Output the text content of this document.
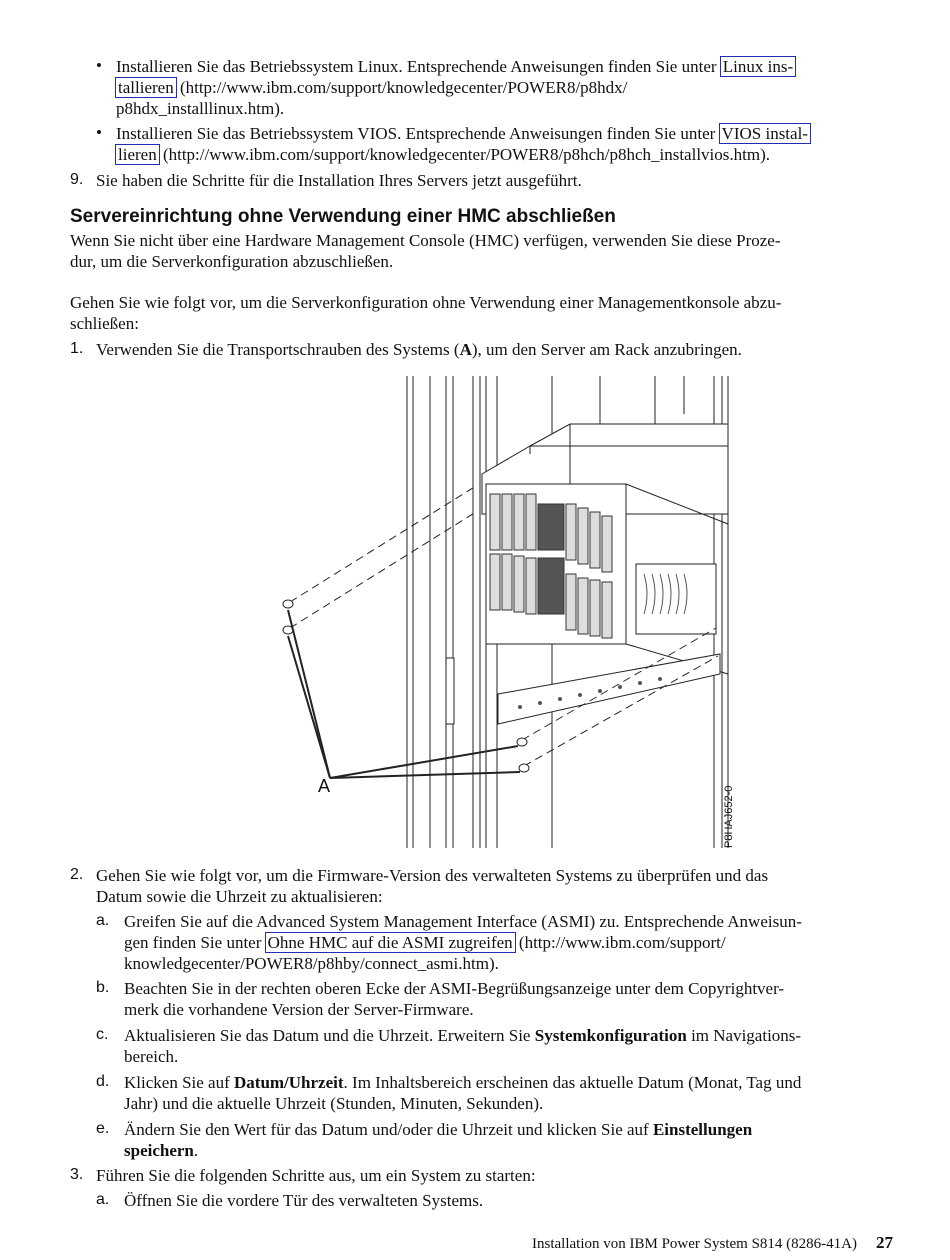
• Installieren Sie das Betriebssystem Linux. Entsprechende Anweisungen finden Sie unter Linux ins-
tallieren (http://www.ibm.com/support/knowledgecenter/POWER8/p8hdx/
p8hdx_installlinux.htm).
• Installieren Sie das Betriebssystem VIOS. Entsprechende Anweisungen finden Sie unter VIOS instal-
lieren (http://www.ibm.com/support/knowledgecenter/POWER8/p8hch/p8hch_installvios.htm).
9. Sie haben die Schritte für die Installation Ihres Servers jetzt ausgeführt.
Servereinrichtung ohne Verwendung einer HMC abschließen
Wenn Sie nicht über eine Hardware Management Console (HMC) verfügen, verwenden Sie diese Proze-
dur, um die Serverkonfiguration abzuschließen.
Gehen Sie wie folgt vor, um die Serverkonfiguration ohne Verwendung einer Managementkonsole abzu-
schließen:
1. Verwenden Sie die Transportschrauben des Systems (A), um den Server am Rack anzubringen.
A	P8HAJ652-0
2. Gehen Sie wie folgt vor, um die Firmware-Version des verwalteten Systems zu überprüfen und das
Datum sowie die Uhrzeit zu aktualisieren:
a. Greifen Sie auf die Advanced System Management Interface (ASMI) zu. Entsprechende Anweisun-
gen finden Sie unter Ohne HMC auf die ASMI zugreifen (http://www.ibm.com/support/
knowledgecenter/POWER8/p8hby/connect_asmi.htm).
b. Beachten Sie in der rechten oberen Ecke der ASMI-Begrüßungsanzeige unter dem Copyrightver-
merk die vorhandene Version der Server-Firmware.
c. Aktualisieren Sie das Datum und die Uhrzeit. Erweitern Sie Systemkonfiguration im Navigations-
bereich.
d. Klicken Sie auf Datum/Uhrzeit. Im Inhaltsbereich erscheinen das aktuelle Datum (Monat, Tag und
Jahr) und die aktuelle Uhrzeit (Stunden, Minuten, Sekunden).
e. Ändern Sie den Wert für das Datum und/oder die Uhrzeit und klicken Sie auf Einstellungen
speichern.
3. Führen Sie die folgenden Schritte aus, um ein System zu starten:
a. Öffnen Sie die vordere Tür des verwalteten Systems.
Installation von IBM Power System S814 (8286-41A) 27
